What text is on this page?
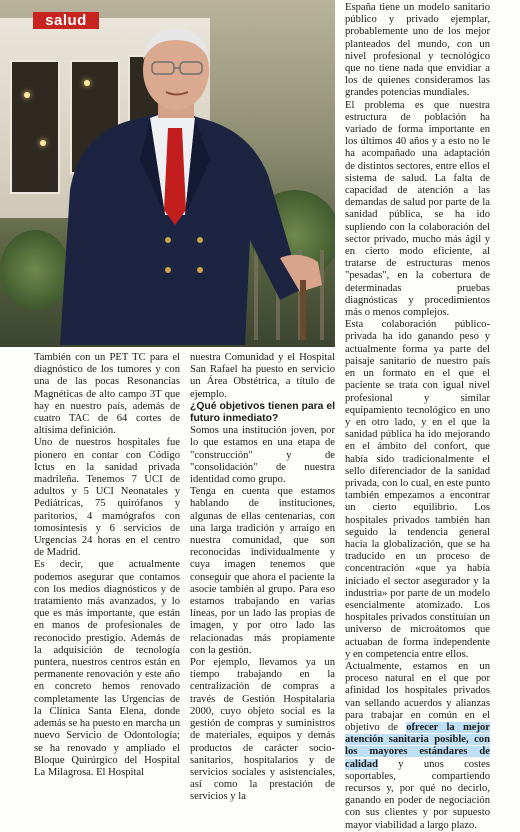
salud

También con un PET TC para el diagnóstico de los tumores y con una de las pocas Resonancias Magnéticas de alto campo 3T que hay en nuestro país, además de cuatro TAC de 64 cortes de altísima definición.

Uno de nuestros hospitales fue pionero en contar con Código Ictus en la sanidad privada madrileña. Tenemos 7 UCI de adultos y 5 UCI Neonatales y Pediátricas, 75 quirófanos y paritorios, 4 mamógrafos con tomosíntesis y 6 servicios de Urgencias 24 horas en el centro de Madrid.

Es decir, que actualmente podemos asegurar que contamos con los medios diagnósticos y de tratamiento más avanzados, y lo que es más importante, que están en manos de profesionales de reconocido prestigio. Además de la adquisición de tecnología puntera, nuestros centros están en permanente renovación y este año en concreto hemos renovado completamente las Urgencias de la Clínica Santa Elena, donde además se ha puesto en marcha un nuevo Servicio de Odontología; se ha renovado y ampliado el Bloque Quirúrgico del Hospital La Milagrosa. El Hospital

nuestra Comunidad y el Hospital San Rafael ha puesto en servicio un Área Obstétrica, a título de ejemplo.

¿Qué objetivos tienen para el futuro inmediato?

Somos una institución joven, por lo que estamos en una etapa de "construcción" y de "consolidación" de nuestra identidad como grupo.

Tenga en cuenta que estamos hablando de instituciones, algunas de ellas centenarias, con una larga tradición y arraigo en nuestra comunidad, que son reconocidas individualmente y cuya imagen tenemos que conseguir que ahora el paciente la asocie también al grupo. Para eso estamos trabajando en varias líneas, por un lado las propias de imagen, y por otro lado las relacionadas más propiamente con la gestión.

Por ejemplo, llevamos ya un tiempo trabajando en la centralización de compras a través de Gestión Hospitalaria 2000, cuyo objeto social es la gestión de compras y suministros de materiales, equipos y demás productos de carácter socio-sanitarios, hospitalarios y de servicios sociales y asistenciales, así como la prestación de servicios y la

España tiene un modelo sanitario público y privado ejemplar, probablemente uno de los mejor planteados del mundo, con un nivel profesional y tecnológico que no tiene nada que envidiar a los de quienes consideramos las grandes potencias mundiales.

El problema es que nuestra estructura de población ha variado de forma importante en los últimos 40 años y a esto no le ha acompañado una adaptación de distintos sectores, entre ellos el sistema de salud. La falta de capacidad de atención a las demandas de salud por parte de la sanidad pública, se ha ido supliendo con la colaboración del sector privado, mucho más ágil y en cierto modo eficiente, al tratarse de estructuras menos "pesadas", en la cobertura de determinadas pruebas diagnósticas y procedimientos más o menos complejos.

Esta colaboración público-privada ha ido ganando peso y actualmente forma ya parte del paisaje sanitario de nuestro país en un formato en el que el paciente se trata con igual nivel profesional y similar equipamiento tecnológico en uno y en otro lado, y en el que la sanidad pública ha ido mejorando en el ámbito del confort, que había sido tradicionalmente el sello diferenciador de la sanidad privada, con lo cual, en este punto también empezamos a encontrar un cierto equilibrio. Los hospitales privados también han seguido la tendencia general hacia la globalización, que se ha traducido en un proceso de concentración «que ya había iniciado el sector asegurador y la industria» por parte de un modelo esencialmente atomizado. Los hospitales privados constituían un universo de microátomos que actuaban de forma independente y en competencia entre ellos.

Actualmente, estamos en un proceso natural en el que por afinidad los hospitales privados van sellando acuerdos y alianzas para trabajar en común en el objetivo de ofrecer la mejor atención sanitaria posible, con los mayores estándares de calidad y unos costes soportables, compartiendo recursos y, por qué no decirlo, ganando en poder de negociación con sus clientes y por supuesto mayor viabilidad a largo plazo.
